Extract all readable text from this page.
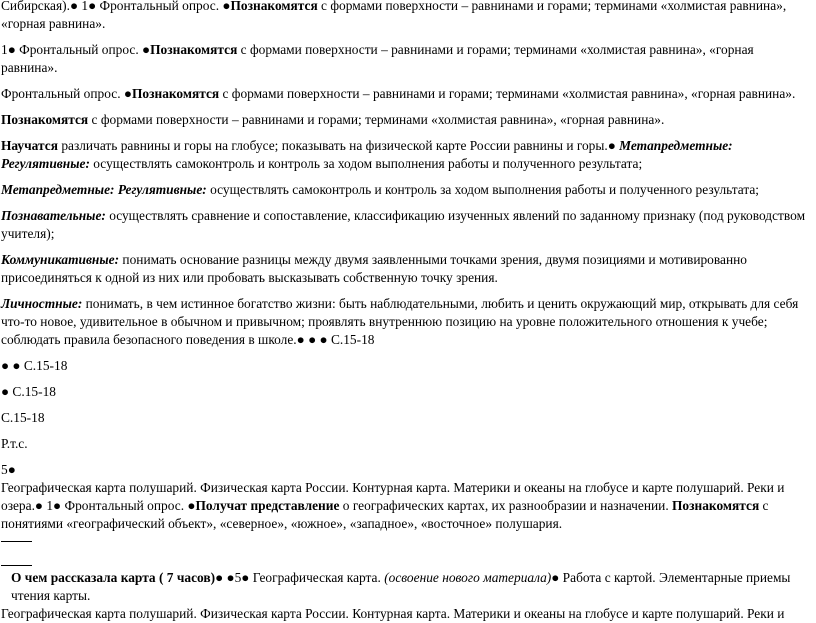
Сибирская).● 1● Фронтальный опрос. ●Познакомятся с формами поверхности – равнинами и горами; терминами «холмистая равнина», «горная равнина».

1● Фронтальный опрос. ●Познакомятся с формами поверхности – равнинами и горами; терминами «холмистая равнина», «горная равнина».

Фронтальный опрос. ●Познакомятся с формами поверхности – равнинами и горами; терминами «холмистая равнина», «горная равнина».

Познакомятся с формами поверхности – равнинами и горами; терминами «холмистая равнина», «горная равнина».

Научатся различать равнины и горы на глобусе; показывать на физической карте России равнины и горы.● Метапредметные: Регулятивные: осуществлять самоконтроль и контроль за ходом выполнения работы и полученного результата;

Метапредметные: Регулятивные: осуществлять самоконтроль и контроль за ходом выполнения работы и полученного результата;

Познавательные: осуществлять сравнение и сопоставление, классификацию изученных явлений по заданному признаку (под руководством учителя);

Коммуникативные: понимать основание разницы между двумя заявленными точками зрения, двумя позициями и мотивированно присоединяться к одной из них или пробовать высказывать собственную точку зрения.

Личностные: понимать, в чем истинное богатство жизни: быть наблюдательными, любить и ценить окружающий мир, открывать для себя что-то новое, удивительное в обычном и привычном; проявлять внутреннюю позицию на уровне положительного отношения к учебе; соблюдать правила безопасного поведения в школе.● ● ● С.15-18

● ● С.15-18

● С.15-18

С.15-18

Р.т.с.

5●

Географическая карта полушарий. Физическая карта России. Контурная карта. Материки и океаны на глобусе и карте полушарий. Реки и озера.● 1● Фронтальный опрос. ●Получат представление о географических картах, их разнообразии и назначении. Познакомятся с понятиями «географический объект», «северное», «южное», «западное», «восточное» полушария.

О чем рассказала карта ( 7 часов)● ●5● Географическая карта. (освоение нового материала)● Работа с картой. Элементарные приемы чтения карты.

Географическая карта полушарий. Физическая карта России. Контурная карта. Материки и океаны на глобусе и карте полушарий. Реки и
